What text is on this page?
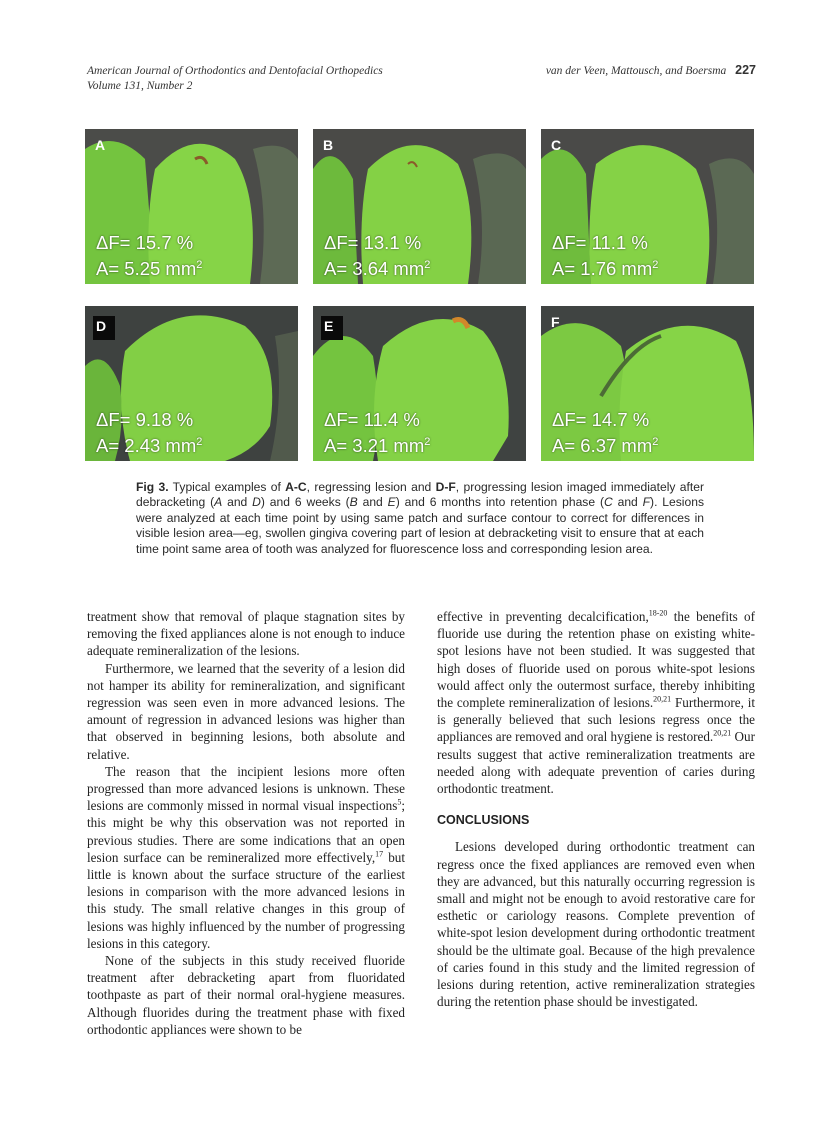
American Journal of Orthodontics and Dentofacial Orthopedics
Volume 131, Number 2
van der Veen, Mattousch, and Boersma 227
A
ΔF= 15.7 %
A= 5.25 $mm^2$
B
ΔF= 13.1 %
A= 3.64 $mm^2$
C
ΔF= 11.1 %
A= 1.76 $mm^2$
D
ΔF= 9.18 %
A= 2.43 $mm^2$
E
ΔF= 11.4 %
A= 3.21 $mm^2$
F
ΔF= 14.7 %
A= 6.37 $mm^2$
Fig 3. Typical examples of A-C, regressing lesion and D-F, progressing lesion imaged immediately after debracketing (A and D) and 6 weeks (B and E) and 6 months into retention phase (C and F). Lesions were analyzed at each time point by using same patch and surface contour to correct for differences in visible lesion area—eg, swollen gingiva covering part of lesion at debracketing visit to ensure that at each time point same area of tooth was analyzed for fluorescence loss and corresponding lesion area.

treatment show that removal of plaque stagnation sites by removing the fixed appliances alone is not enough to induce adequate remineralization of the lesions.

Furthermore, we learned that the severity of a lesion did not hamper its ability for remineralization, and significant regression was seen even in more advanced lesions. The amount of regression in advanced lesions was higher than that observed in beginning lesions, both absolute and relative.

The reason that the incipient lesions more often progressed than more advanced lesions is unknown. These lesions are commonly missed in normal visual inspections$^5$; this might be why this observation was not reported in previous studies. There are some indications that an open lesion surface can be remineralized more effectively,$^{17}$ but little is known about the surface structure of the earliest lesions in comparison with the more advanced lesions in this study. The small relative changes in this group of lesions was highly influenced by the number of progressing lesions in this category.

None of the subjects in this study received fluoride treatment after debracketing apart from fluoridated toothpaste as part of their normal oral-hygiene measures. Although fluorides during the treatment phase with fixed orthodontic appliances were shown to be

effective in preventing decalcification,$^{18-20}$ the benefits of fluoride use during the retention phase on existing white-spot lesions have not been studied. It was suggested that high doses of fluoride used on porous white-spot lesions would affect only the outermost surface, thereby inhibiting the complete remineralization of lesions.$^{20,21}$ Furthermore, it is generally believed that such lesions regress once the appliances are removed and oral hygiene is restored.$^{20,21}$ Our results suggest that active remineralization treatments are needed along with adequate prevention of caries during orthodontic treatment.

CONCLUSIONS

Lesions developed during orthodontic treatment can regress once the fixed appliances are removed even when they are advanced, but this naturally occurring regression is small and might not be enough to avoid restorative care for esthetic or cariology reasons. Complete prevention of white-spot lesion development during orthodontic treatment should be the ultimate goal. Because of the high prevalence of caries found in this study and the limited regression of lesions during retention, active remineralization strategies during the retention phase should be investigated.
